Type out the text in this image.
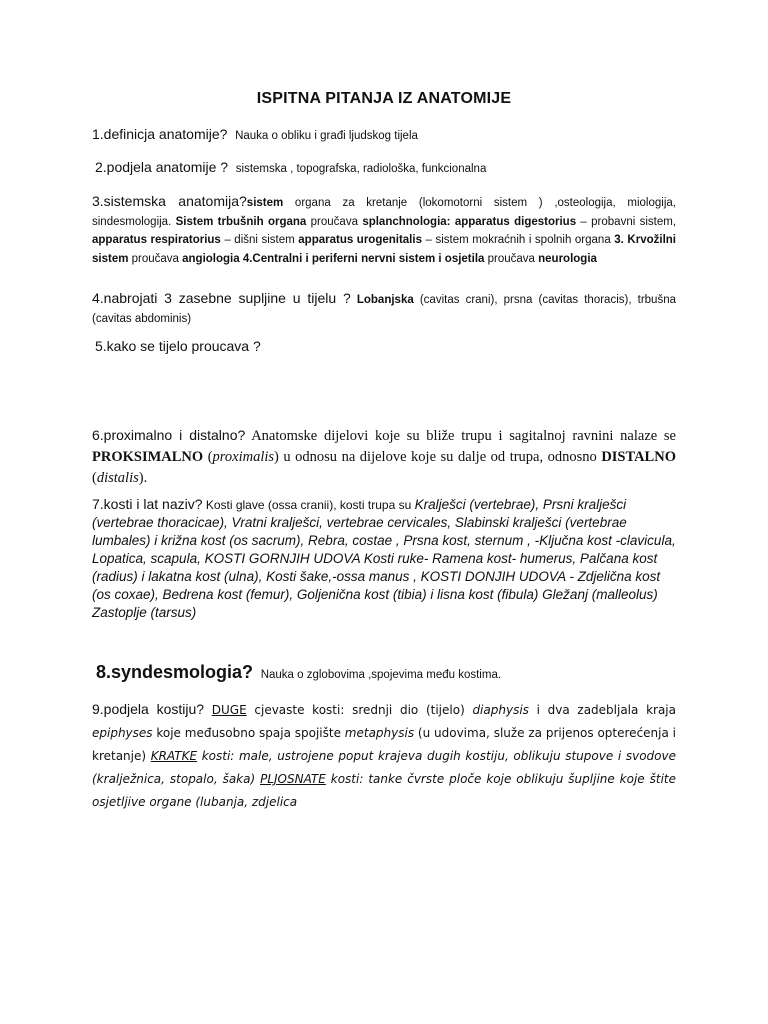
ISPITNA PITANJA IZ ANATOMIJE
1.definicja anatomije? Nauka o obliku i građi ljudskog tijela
2.podjela anatomije ? sistemska , topografska, radiološka, funkcionalna
3.sistemska anatomija?sistem organa za kretanje (lokomotorni sistem ) ,osteologija, miologija, sindesmologija. Sistem trbušnih organa proučava splanchnologia: apparatus digestorius – probavni sistem, apparatus respiratorius – dišni sistem apparatus urogenitalis – sistem mokraćnih i spolnih organa 3. Krvožilni sistem proučava angiologia 4.Centralni i periferni nervni sistem i osjetila proučava neurologia
4.nabrojati 3 zasebne supljine u tijelu ? Lobanjska (cavitas crani), prsna (cavitas thoracis), trbušna (cavitas abdominis)
5.kako se tijelo proucava ?
6.proximalno i distalno? Anatomske dijelovi koje su bliže trupu i sagitalnoj ravnini nalaze se PROKSIMALNO (proximalis) u odnosu na dijelove koje su dalje od trupa, odnosno DISTALNO (distalis).
7.kosti i lat naziv? Kosti glave (ossa cranii), kosti trupa su Kralješci (vertebrae), Prsni kralješci (vertebrae thoracicae), Vratni kralješci, vertebrae cervicales, Slabinski kralješci (vertebrae lumbales) i križna kost (os sacrum), Rebra, costae , Prsna kost, sternum , -Ključna kost -clavicula, Lopatica, scapula, KOSTI GORNJIH UDOVA Kosti ruke- Ramena kost- humerus, Palčana kost (radius) i lakatna kost (ulna), Kosti šake,-ossa manus , KOSTI DONJIH UDOVA - Zdjelična kost (os coxae), Bedrena kost (femur), Goljenična kost (tibia) i lisna kost (fibula) Gležanj (malleolus) Zastoplje (tarsus)
8.syndesmologia? Nauka o zglobovima ,spojevima među kostima.
9.podjela kostiju? DUGE cjevaste kosti: srednji dio (tijelo) diaphysis i dva zadebljala kraja epiphyses koje međusobno spaja spojište metaphysis (u udovima, služe za prijenos opterećenja i kretanje) KRATKE kosti: male, ustrojene poput krajeva dugih kostiju, oblikuju stupove i svodove (kralježnica, stopalo, šaka) PLJOSNATE kosti: tanke čvrste ploče koje oblikuju šupljine koje štite osjetljive organe (lubanja, zdjelica
